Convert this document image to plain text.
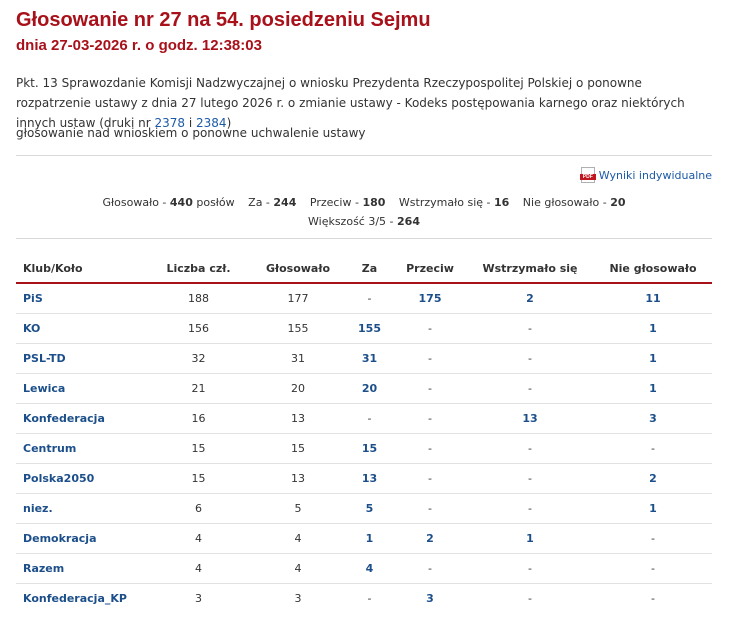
Głosowanie nr 27 na 54. posiedzeniu Sejmu
dnia 27-03-2026 r. o godz. 12:38:03
Pkt. 13 Sprawozdanie Komisji Nadzwyczajnej o wniosku Prezydenta Rzeczypospolitej Polskiej o ponowne rozpatrzenie ustawy z dnia 27 lutego 2026 r. o zmianie ustawy - Kodeks postępowania karnego oraz niektórych innych ustaw (druki nr 2378 i 2384)
głosowanie nad wnioskiem o ponowne uchwalenie ustawy
PDF Wyniki indywidualne
Głosowało - 440 posłów Za - 244 Przeciw - 180 Wstrzymało się - 16 Nie głosowało - 20
Większość 3/5 - 264
Klub/Koło	Liczba czł.	Głosowało	Za	Przeciw	Wstrzymało się	Nie głosowało
PiS	188	177	-	175	2	11
KO	156	155	155	-	-	1
PSL-TD	32	31	31	-	-	1
Lewica	21	20	20	-	-	1
Konfederacja	16	13	-	-	13	3
Centrum	15	15	15	-	-	-
Polska2050	15	13	13	-	-	2
niez.	6	5	5	-	-	1
Demokracja	4	4	1	2	1	-
Razem	4	4	4	-	-	-
Konfederacja_KP	3	3	-	3	-	-
